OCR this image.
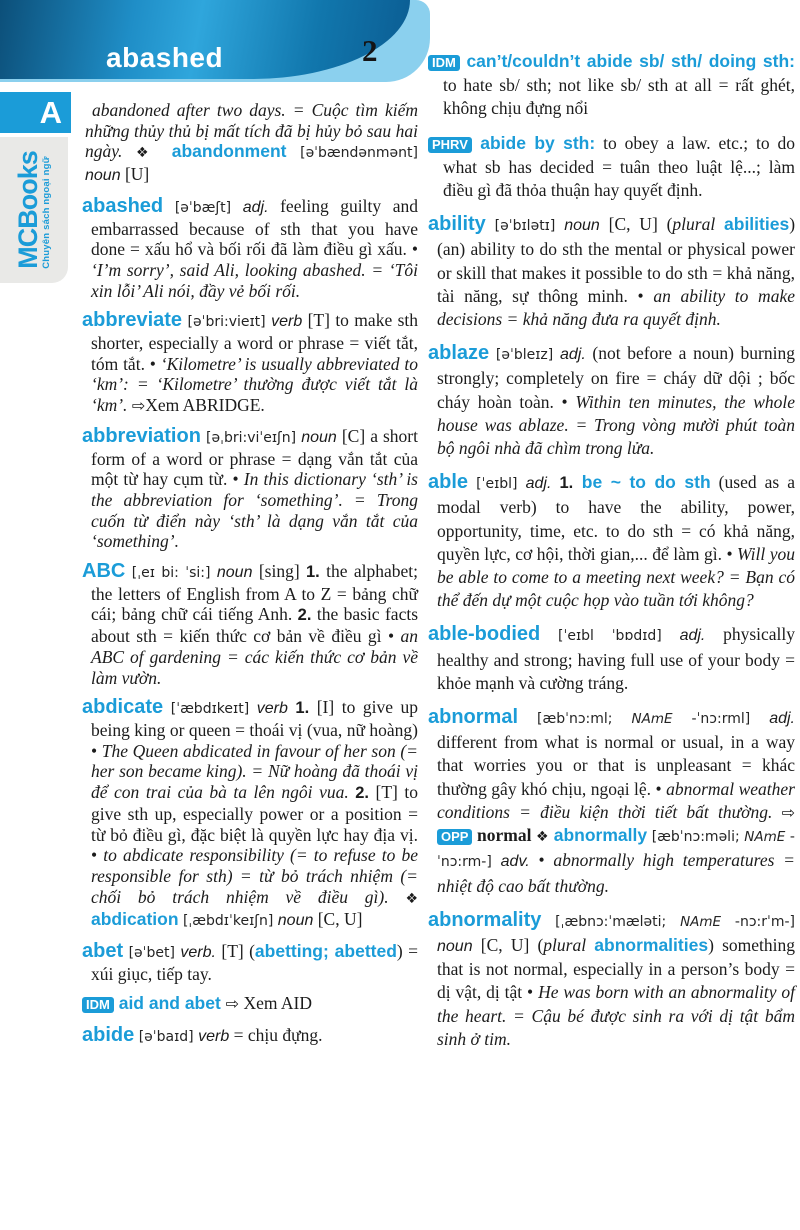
abashed	2
A
MCBooks
Chuyên sách ngoại ngữ

abandoned after two days. = Cuộc tìm kiếm những thủy thủ bị mất tích đã bị hủy bỏ sau hai ngày. ❖ abandonment [əˈbændənmənt] noun [U]

abashed [əˈbæʃt] adj. feeling guilty and embarrassed because of sth that you have done = xấu hổ và bối rối đã làm điều gì xấu. • ‘I’m sorry’, said Ali, looking abashed. = ‘Tôi xin lỗi’ Ali nói, đầy vẻ bối rối.

abbreviate [əˈbri:vieɪt] verb [T] to make sth shorter, especially a word or phrase = viết tắt, tóm tắt. • ‘Kilometre’ is usually abbreviated to ‘km’: = ‘Kilometre’ thường được viết tắt là ‘km’. ⇨Xem ABRIDGE.

abbreviation [əˌbri:viˈeɪʃn] noun [C] a short form of a word or phrase = dạng vắn tắt của một từ hay cụm từ. • In this dictionary ‘sth’ is the abbreviation for ‘something’. = Trong cuốn từ điển này ‘sth’ là dạng vắn tắt của ‘something’.

ABC [ˌeɪ bi: ˈsi:] noun [sing] 1. the alphabet; the letters of English from A to Z = bảng chữ cái; bảng chữ cái tiếng Anh. 2. the basic facts about sth = kiến thức cơ bản về điều gì • an ABC of gardening = các kiến thức cơ bản về làm vườn.

abdicate [ˈæbdɪkeɪt] verb 1. [I] to give up being king or queen = thoái vị (vua, nữ hoàng) • The Queen abdicated in favour of her son (= her son became king). = Nữ hoàng đã thoái vị để con trai của bà ta lên ngôi vua. 2. [T] to give sth up, especially power or a position = từ bỏ điều gì, đặc biệt là quyền lực hay địa vị. • to abdicate responsibility (= to refuse to be responsible for sth) = từ bỏ trách nhiệm (= chối bỏ trách nhiệm về điều gì). ❖ abdication [ˌæbdɪˈkeɪʃn] noun [C, U]

abet [əˈbet] verb. [T] (abetting; abetted) = xúi giục, tiếp tay.

IDM aid and abet ⇨ Xem AID

abide [əˈbaɪd] verb = chịu đựng.

IDM can’t/couldn’t abide sb/ sth/ doing sth: to hate sb/ sth; not like sb/ sth at all = rất ghét, không chịu đựng nổi

PHRV abide by sth: to obey a law. etc.; to do what sb has decided = tuân theo luật lệ...; làm điều gì đã thỏa thuận hay quyết định.

ability [əˈbɪlətɪ] noun [C, U] (plural abilities) (an) ability to do sth the mental or physical power or skill that makes it possible to do sth = khả năng, tài năng, sự thông minh. • an ability to make decisions = khả năng đưa ra quyết định.

ablaze [əˈbleɪz] adj. (not before a noun) burning strongly; completely on fire = cháy dữ dội ; bốc cháy hoàn toàn. • Within ten minutes, the whole house was ablaze. = Trong vòng mười phút toàn bộ ngôi nhà đã chìm trong lửa.

able [ˈeɪbl] adj. 1. be ~ to do sth (used as a modal verb) to have the ability, power, opportunity, time, etc. to do sth = có khả năng, quyền lực, cơ hội, thời gian,... để làm gì. • Will you be able to come to a meeting next week? = Bạn có thể đến dự một cuộc họp vào tuần tới không?

able-bodied [ˈeɪbl ˈbɒdɪd] adj. physically healthy and strong; having full use of your body = khỏe mạnh và cường tráng.

abnormal [æbˈnɔ:ml; NAmE -ˈnɔ:rml] adj. different from what is normal or usual, in a way that worries you or that is unpleasant = khác thường gây khó chịu, ngoại lệ. • abnormal weather conditions = điều kiện thời tiết bất thường. ⇨ OPP normal ❖ abnormally [æbˈnɔ:məli; NAmE -ˈnɔ:rm-] adv. • abnormally high temperatures = nhiệt độ cao bất thường.

abnormality [ˌæbnɔ:ˈmæləti; NAmE -nɔ:rˈm-] noun [C, U] (plural abnormalities) something that is not normal, especially in a person’s body = dị vật, dị tật • He was born with an abnormality of the heart. = Cậu bé được sinh ra với dị tật bẩm sinh ở tim.
